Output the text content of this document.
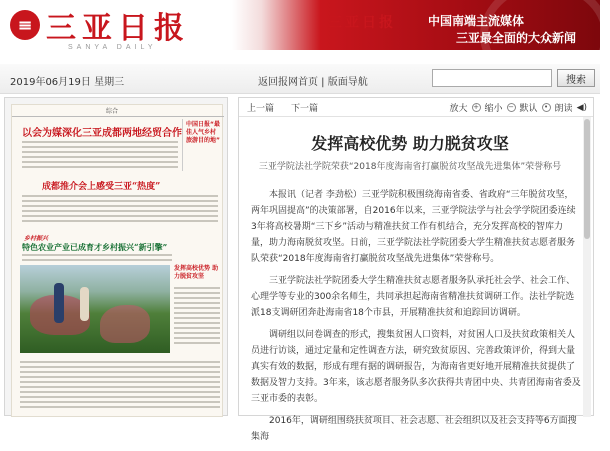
≡ 三亚日报
SANYA DAILY
三亚日报	中国南端主流媒体
三亚最全面的大众新闻
2019年06月19日 星期三	返回报网首页 | 版面导航	搜索
综合
以会为媒深化三亚成都两地经贸合作
中国日报“最佳人气乡村旅游目的地”
成都推介会上感受三亚“热度”
乡村振兴
特色农业产业已成育才乡村振兴“新引擎”
发挥高校优势 助力脱贫攻坚
上一篇 下一篇	放大 + 缩小 − 默认 • 朗读 ◀)
发挥高校优势 助力脱贫攻坚
三亚学院法社学院荣获“2018年度海南省打赢脱贫攻坚战先进集体”荣誉称号

本报讯（记者 李劲松）三亚学院积极围绕海南省委、省政府“三年脱贫攻坚，两年巩固提高”的决策部署，自2016年以来，三亚学院法学与社会学学院团委连续3年将高校暑期“三下乡”活动与精准扶贫工作有机结合，充分发挥高校的智库力量，助力海南脱贫攻坚。日前，三亚学院法社学院团委大学生精准扶贫志愿者服务队荣获“2018年度海南省打赢脱贫攻坚战先进集体”荣誉称号。

三亚学院法社学院团委大学生精准扶贫志愿者服务队承托社会学、社会工作、心理学等专业的300余名师生，共同承担起海南省精准扶贫调研工作。法社学院选派18支调研团奔赴海南省18个市县，开展精准扶贫和追踪回访调研。

调研组以问卷调查的形式，搜集贫困人口资料，对贫困人口及扶贫政策相关人员进行访谈，通过定量和定性调查方法，研究致贫原因、完善政策评价，得到大量真实有效的数据，形成有理有据的调研报告，为海南省更好地开展精准扶贫提供了数据及智力支持。3年来，该志愿者服务队多次获得共青团中央、共青团海南省委及三亚市委的表彰。

2016年，调研组围绕扶贫项目、社会志愿、社会组织以及社会支持等6方面搜集海
